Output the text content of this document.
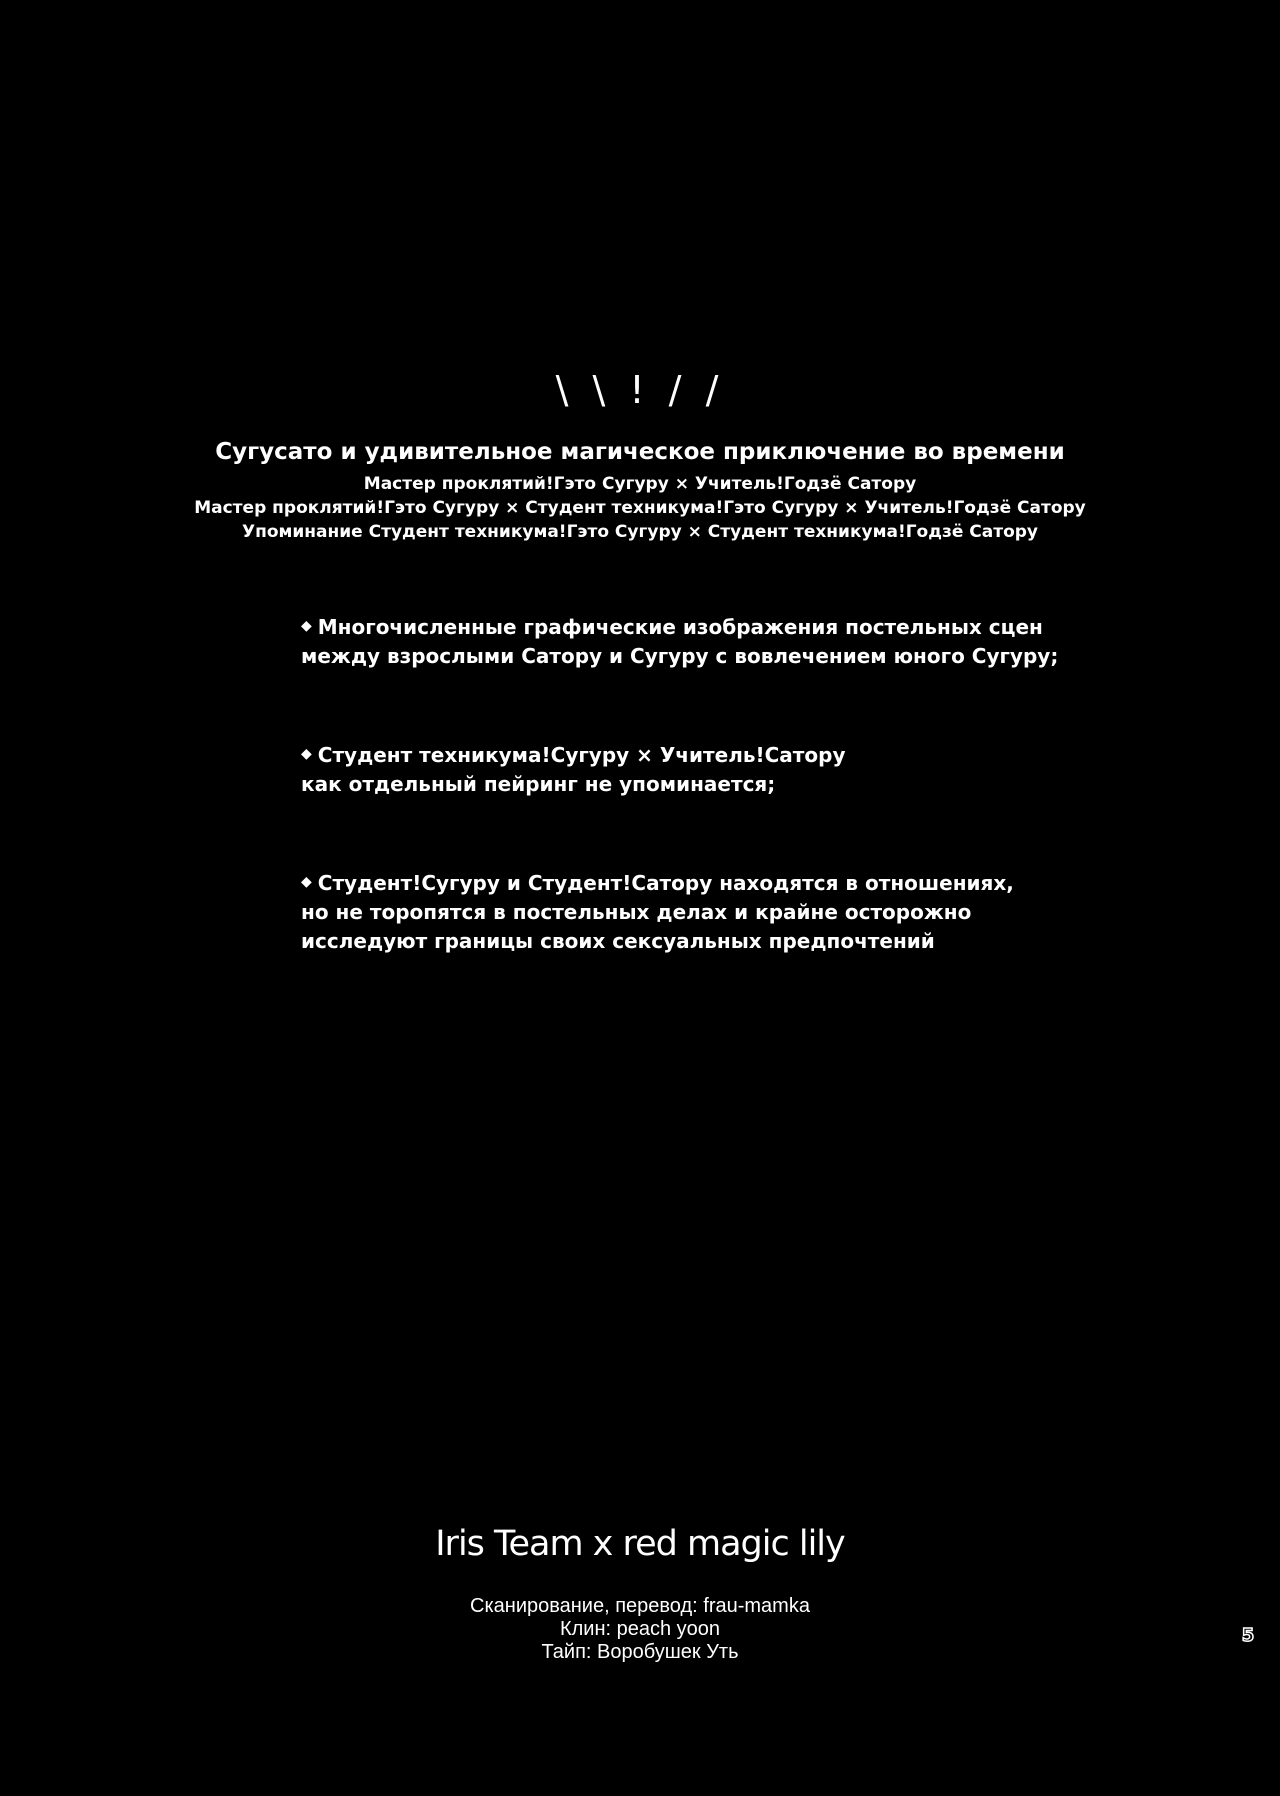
\ \ ! / /
Сугусато и удивительное магическое приключение во времени
Мастер проклятий!Гэто Сугуру × Учитель!Годзё Сатору
Мастер проклятий!Гэто Сугуру × Студент техникума!Гэто Сугуру × Учитель!Годзё Сатору
Упоминание Студент техникума!Гэто Сугуру × Студент техникума!Годзё Сатору
◆ Многочисленные графические изображения постельных сцен
между взрослыми Сатору и Сугуру с вовлечением юного Сугуру;
◆ Студент техникума!Сугуру × Учитель!Сатору
как отдельный пейринг не упоминается;
◆ Студент!Сугуру и Студент!Сатору находятся в отношениях,
но не торопятся в постельных делах и крайне осторожно
исследуют границы своих сексуальных предпочтений
Iris Team x red magic lily
Сканирование, перевод: frau-mamka
Клин: peach yoon
Тайп: Воробушек Уть
5
